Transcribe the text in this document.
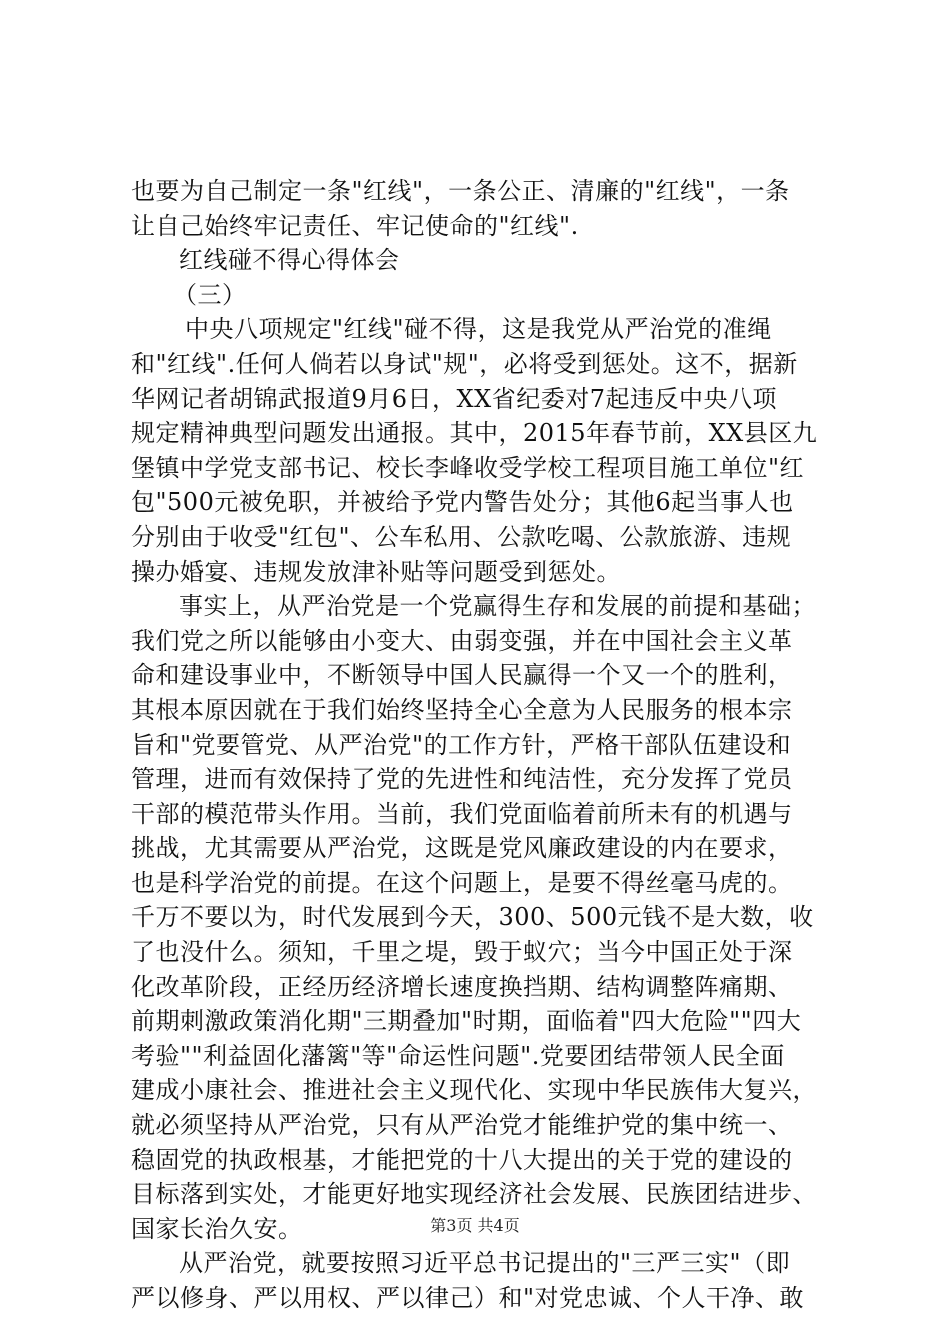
也要为自己制定一条"红线"，一条公正、清廉的"红线"，一条
让自己始终牢记责任、牢记使命的"红线".
红线碰不得心得体会
（三）
中央八项规定"红线"碰不得，这是我党从严治党的准绳
和"红线".任何人倘若以身试"规"，必将受到惩处。这不，据新
华网记者胡锦武报道9月6日，XX省纪委对7起违反中央八项
规定精神典型问题发出通报。其中，2015年春节前，XX县区九
堡镇中学党支部书记、校长李峰收受学校工程项目施工单位"红
包"500元被免职，并被给予党内警告处分；其他6起当事人也
分别由于收受"红包"、公车私用、公款吃喝、公款旅游、违规
操办婚宴、违规发放津补贴等问题受到惩处。
事实上，从严治党是一个党赢得生存和发展的前提和基础；
我们党之所以能够由小变大、由弱变强，并在中国社会主义革
命和建设事业中，不断领导中国人民赢得一个又一个的胜利，
其根本原因就在于我们始终坚持全心全意为人民服务的根本宗
旨和"党要管党、从严治党"的工作方针，严格干部队伍建设和
管理，进而有效保持了党的先进性和纯洁性，充分发挥了党员
干部的模范带头作用。当前，我们党面临着前所未有的机遇与
挑战，尤其需要从严治党，这既是党风廉政建设的内在要求，
也是科学治党的前提。在这个问题上，是要不得丝毫马虎的。
千万不要以为，时代发展到今天，300、500元钱不是大数，收
了也没什么。须知，千里之堤，毁于蚁穴；当今中国正处于深
化改革阶段，正经历经济增长速度换挡期、结构调整阵痛期、
前期刺激政策消化期"三期叠加"时期，面临着"四大危险""四大
考验""利益固化藩篱"等"命运性问题".党要团结带领人民全面
建成小康社会、推进社会主义现代化、实现中华民族伟大复兴，
就必须坚持从严治党，只有从严治党才能维护党的集中统一、
稳固党的执政根基，才能把党的十八大提出的关于党的建设的
目标落到实处，才能更好地实现经济社会发展、民族团结进步、
国家长治久安。
从严治党，就要按照习近平总书记提出的"三严三实"（即
严以修身、严以用权、严以律己）和"对党忠诚、个人干净、敢
第3页 共4页
